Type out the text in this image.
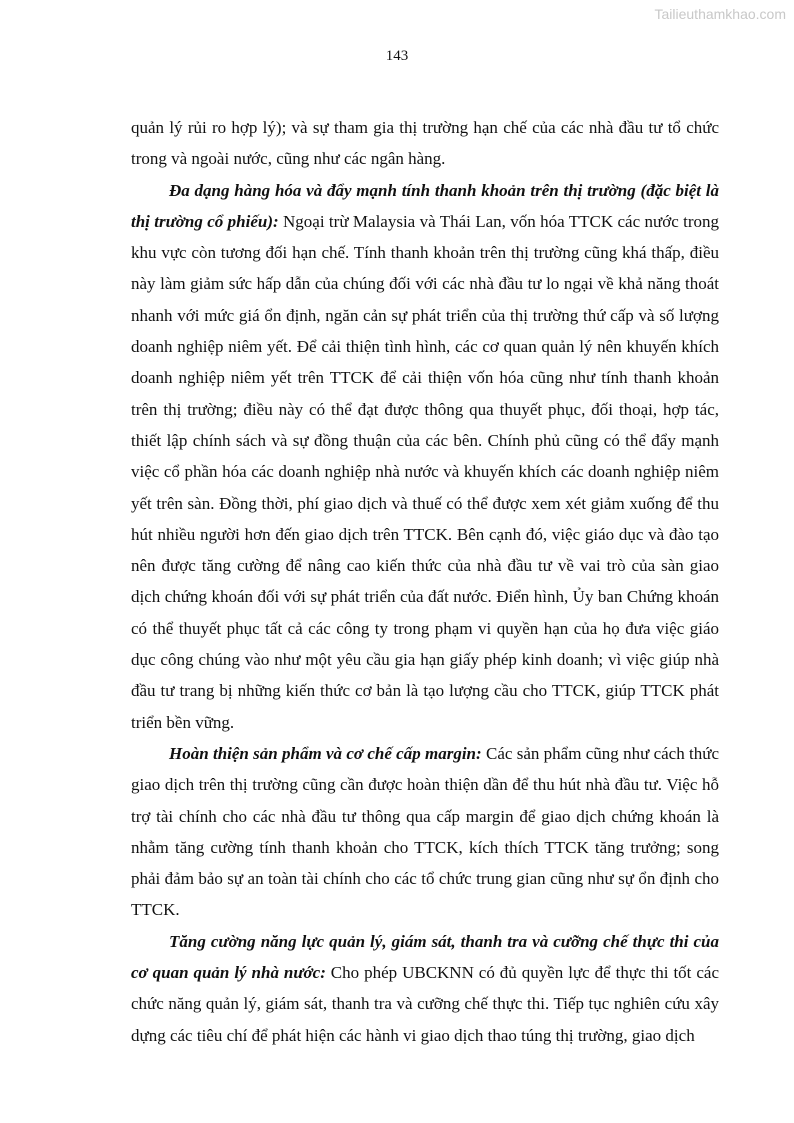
Tailieuthamkhao.com
143

quản lý rủi ro hợp lý); và sự tham gia thị trường hạn chế của các nhà đầu tư tổ chức trong và ngoài nước, cũng như các ngân hàng.

Đa dạng hàng hóa và đẩy mạnh tính thanh khoản trên thị trường (đặc biệt là thị trường cổ phiếu): Ngoại trừ Malaysia và Thái Lan, vốn hóa TTCK các nước trong khu vực còn tương đối hạn chế. Tính thanh khoản trên thị trường cũng khá thấp, điều này làm giảm sức hấp dẫn của chúng đối với các nhà đầu tư lo ngại về khả năng thoát nhanh với mức giá ổn định, ngăn cản sự phát triển của thị trường thứ cấp và số lượng doanh nghiệp niêm yết. Để cải thiện tình hình, các cơ quan quản lý nên khuyến khích doanh nghiệp niêm yết trên TTCK để cải thiện vốn hóa cũng như tính thanh khoản trên thị trường; điều này có thể đạt được thông qua thuyết phục, đối thoại, hợp tác, thiết lập chính sách và sự đồng thuận của các bên. Chính phủ cũng có thể đẩy mạnh việc cổ phần hóa các doanh nghiệp nhà nước và khuyến khích các doanh nghiệp niêm yết trên sàn. Đồng thời, phí giao dịch và thuế có thể được xem xét giảm xuống để thu hút nhiều người hơn đến giao dịch trên TTCK. Bên cạnh đó, việc giáo dục và đào tạo nên được tăng cường để nâng cao kiến thức của nhà đầu tư về vai trò của sàn giao dịch chứng khoán đối với sự phát triển của đất nước. Điển hình, Ủy ban Chứng khoán có thể thuyết phục tất cả các công ty trong phạm vi quyền hạn của họ đưa việc giáo dục công chúng vào như một yêu cầu gia hạn giấy phép kinh doanh; vì việc giúp nhà đầu tư trang bị những kiến thức cơ bản là tạo lượng cầu cho TTCK, giúp TTCK phát triển bền vững.

Hoàn thiện sản phẩm và cơ chế cấp margin: Các sản phẩm cũng như cách thức giao dịch trên thị trường cũng cần được hoàn thiện dần để thu hút nhà đầu tư. Việc hỗ trợ tài chính cho các nhà đầu tư thông qua cấp margin để giao dịch chứng khoán là nhằm tăng cường tính thanh khoản cho TTCK, kích thích TTCK tăng trưởng; song phải đảm bảo sự an toàn tài chính cho các tổ chức trung gian cũng như sự ổn định cho TTCK.

Tăng cường năng lực quản lý, giám sát, thanh tra và cưỡng chế thực thi của cơ quan quản lý nhà nước: Cho phép UBCKNN có đủ quyền lực để thực thi tốt các chức năng quản lý, giám sát, thanh tra và cưỡng chế thực thi. Tiếp tục nghiên cứu xây dựng các tiêu chí để phát hiện các hành vi giao dịch thao túng thị trường, giao dịch
